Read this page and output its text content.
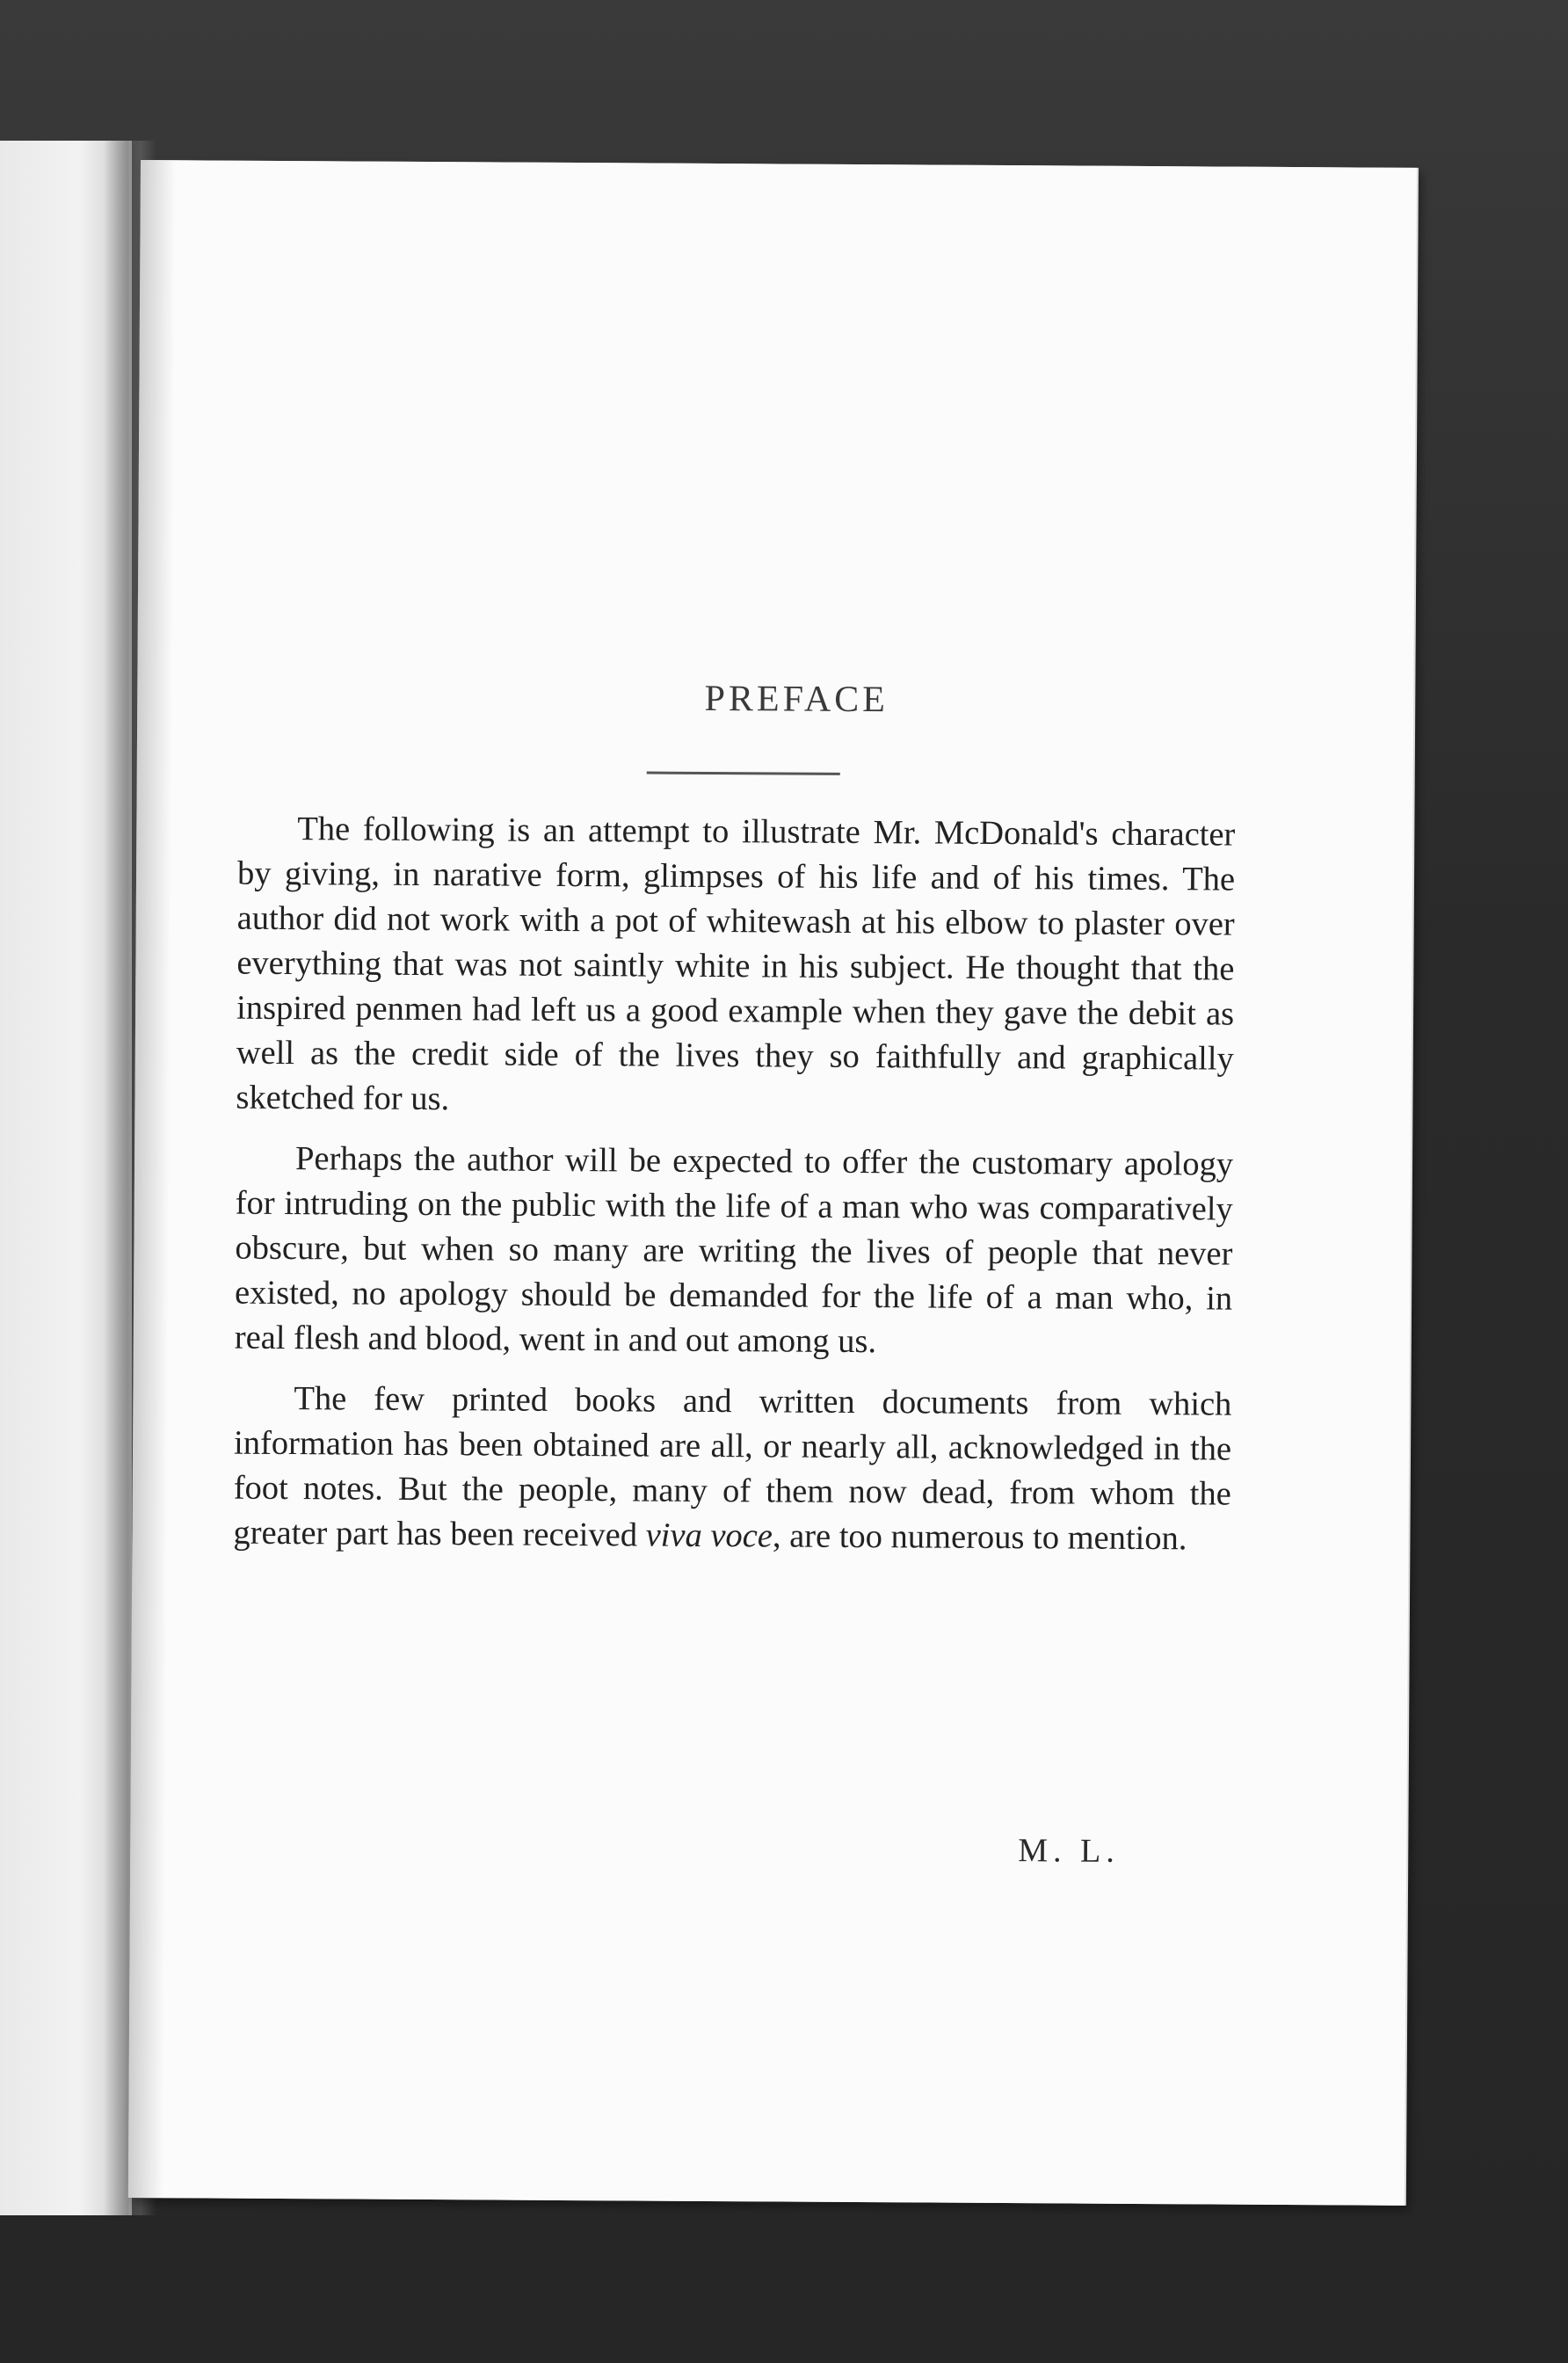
PREFACE

The following is an attempt to illustrate Mr. McDonald's character by giving, in narative form, glimpses of his life and of his times. The author did not work with a pot of whitewash at his elbow to plaster over everything that was not saintly white in his subject. He thought that the inspired penmen had left us a good example when they gave the debit as well as the credit side of the lives they so faithfully and graphically sketched for us.

Perhaps the author will be expected to offer the customary apology for intruding on the public with the life of a man who was comparatively obscure, but when so many are writing the lives of people that never existed, no apology should be demanded for the life of a man who, in real flesh and blood, went in and out among us.

The few printed books and written documents from which information has been obtained are all, or nearly all, acknowledged in the foot notes. But the people, many of them now dead, from whom the greater part has been received viva voce, are too numerous to mention.

M. L.
